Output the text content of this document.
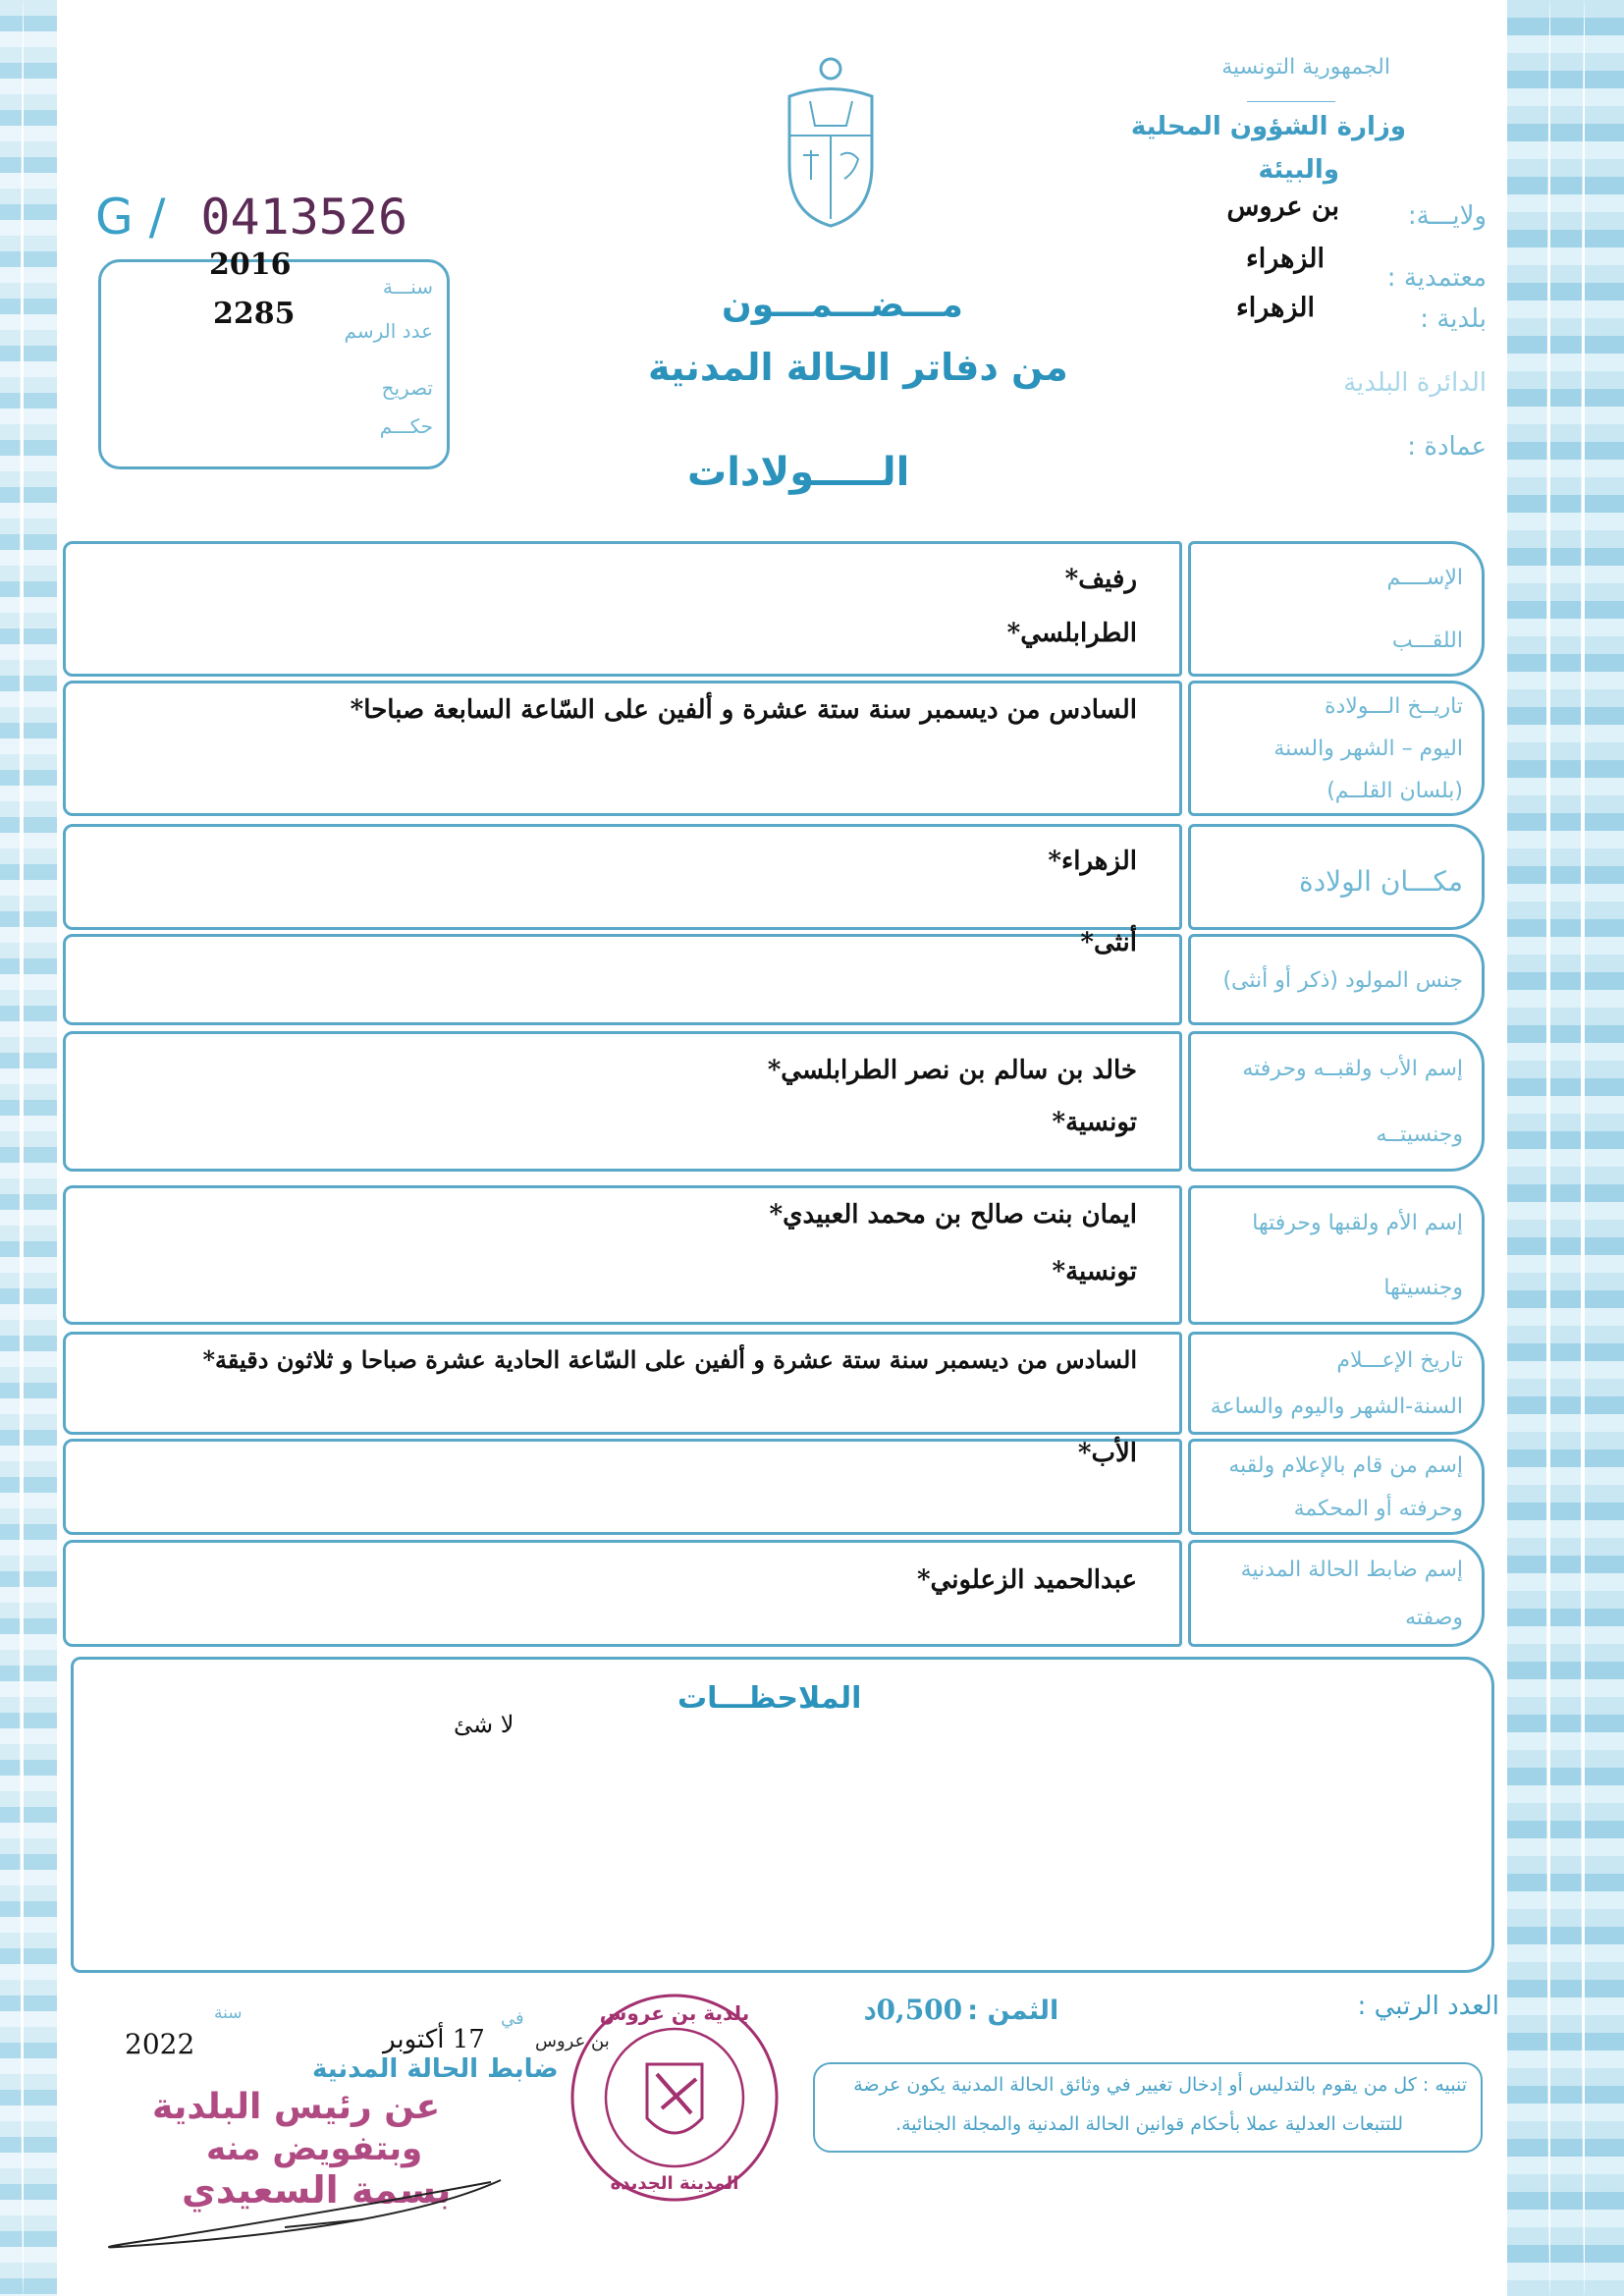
الجمهورية التونسية
وزارة الشؤون المحلية
والبيئة
ولايـــة:
بن عروس
معتمدية :
الزهراء
بلدية :
الزهراء
الدائرة البلدية
عمادة :
G / 0413526
2016
2285
سنـــة
عدد الرسم
تصريح
حكـــم
مـــضـــمـــون
من دفاتر الحالة المدنية
الـــــولادات
الإســــم
اللقـــب
رفيف*
الطرابلسي*
تاريــخ الـــولادة
اليوم – الشهر والسنة
(بلسان القلــم)
السادس من ديسمبر سنة ستة عشرة و ألفين على السّاعة السابعة صباحا*
مكـــان الولادة
الزهراء*
جنس المولود (ذكر أو أنثى)
أنثى*
إسم الأب ولقبــه وحرفته
وجنسيتــه
خالد بن سالم بن نصر الطرابلسي*
تونسية*
إسم الأم ولقبها وحرفتها
وجنسيتها
ايمان بنت صالح بن محمد العبيدي*
تونسية*
تاريخ الإعـــلام
السنة-الشهر واليوم والساعة
السادس من ديسمبر سنة ستة عشرة و ألفين على السّاعة الحادية عشرة صباحا و ثلاثون دقيقة*
إسم من قام بالإعلام ولقبه
وحرفته أو المحكمة
الأب*
إسم ضابط الحالة المدنية
وصفته
عبدالحميد الزعلوني*
الملاحظـــات
لا شئ
العدد الرتبي :
الثمن : 0,500د
تنبيه : كل من يقوم بالتدليس أو إدخال تغيير في وثائق الحالة المدنية يكون عرضة
للتتبعات العدلية عملا بأحكام قوانين الحالة المدنية والمجلة الجنائية.
بلدية بن عروس
المدينة الجديدة
بن عروس
في
17 أكتوبر
سنة
2022
ضابط الحالة المدنية
عن رئيس البلدية
وبتفويض منه
بسمة السعيدي
